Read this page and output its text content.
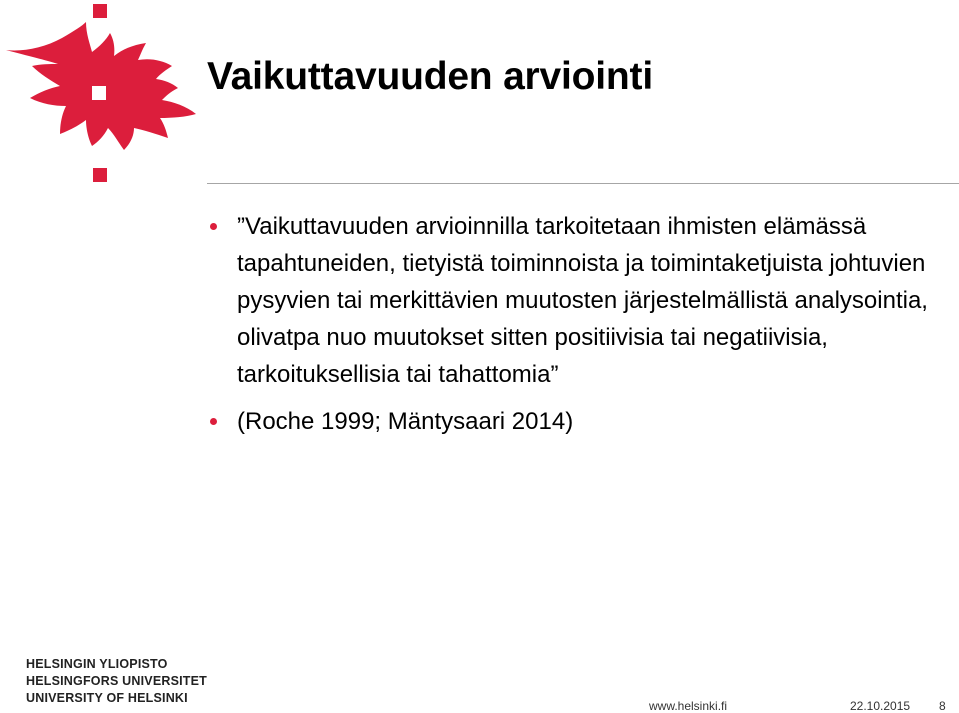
Vaikuttavuuden arviointi
”Vaikuttavuuden arvioinnilla tarkoitetaan ihmisten elämässä tapahtuneiden, tietyistä toiminnoista ja toimintaketjuista johtuvien pysyvien tai merkittävien muutosten järjestelmällistä analysointia, olivatpa nuo muutokset sitten positiivisia tai negatiivisia, tarkoituksellisia tai tahattomia”
(Roche 1999; Mäntysaari 2014)
HELSINGIN YLIOPISTO
HELSINGFORS UNIVERSITET
UNIVERSITY OF HELSINKI
www.helsinki.fi	22.10.2015 8
